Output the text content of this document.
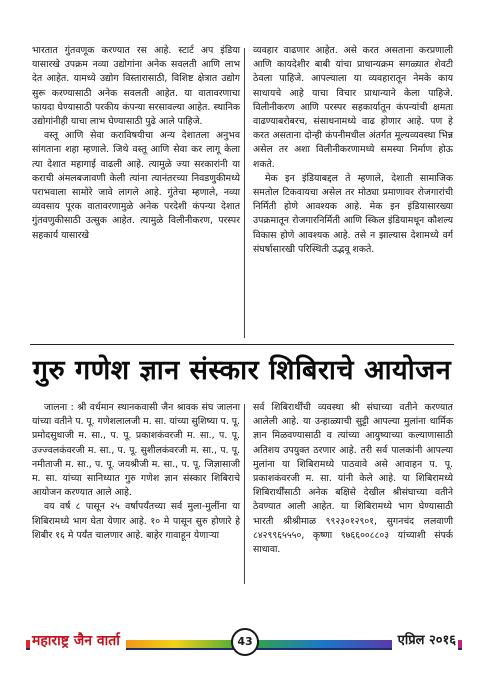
भारतात गुंतवणूक करण्यात रस आहे. स्टार्ट अप इंडिया यासारखे उपक्रम नव्या उद्योगांना अनेक सवलती आणि लाभ देत आहेत. यामध्ये उद्योग विस्तारासाठी, विशिष्ट क्षेत्रात उद्योग सुरू करण्यासाठी अनेक सवलती आहेत. या वातावरणाचा फायदा घेण्यासाठी परकीय कंपन्या सरसावल्या आहेत. स्थानिक उद्योगांनीही याचा लाभ घेण्यासाठी पुढे आले पाहिजे.

वस्तू आणि सेवा कराविषयीचा अन्य देशातला अनुभव सांगताना शहा म्हणाले. जिथे वस्तू आणि सेवा कर लागू केला त्या देशात महागाई वाढली आहे. त्यामुळे ज्या सरकारांनी या कराची अंमलबजावणी केली त्यांना त्यानंतरच्या निवडणुकीमध्ये पराभवाला सामोरे जावे लागले आहे. गुंतेचा म्हणाले, नव्या व्यवसाय पूरक वातावरणामुळे अनेक परदेशी कंपन्या देशात गुंतवणुकीसाठी उत्सुक आहेत. त्यामुळे विलीनीकरण, परस्पर सहकार्य यासारखे

व्यवहार वाढणार आहेत. असे करत असताना करप्रणाली आणि कायदेशीर बाबी यांचा प्राधान्यक्रम सगळ्यात शेवटी ठेवला पाहिजे. आपल्याला या व्यवहारातून नेमके काय साधायचे आहे याचा विचार प्राधान्याने केला पाहिजे. विलीनीकरण आणि परस्पर सहकार्यातून कंपन्यांची क्षमता वाढण्याबरोबरच, संसाधनामध्ये वाढ होणार आहे. पण हे करत असताना दोन्ही कंपनीमधील अंतर्गत मूल्यव्यवस्था भिन्न असेल तर अशा विलीनीकरणामध्ये समस्या निर्माण होऊ शकते.

मेक इन इंडियाबद्दल ते म्हणाले, देशाती सामाजिक समतोल टिकवायचा असेल तर मोठ्या प्रमाणावर रोजगारांची निर्मिती होणे आवश्यक आहे. मेक इन इंडियासारख्या उपक्रमातून रोजगारनिर्मिती आणि स्किल इंडियामधून कौशल्य विकास होणे आवश्यक आहे. तसे न झाल्यास देशामध्ये वर्ग संघर्षासारखी परिस्थिती उद्भवू शकते.

गुरु गणेश ज्ञान संस्कार शिबिराचे आयोजन

जालना : श्री वर्धमान स्थानकवासी जैन श्रावक संघ जालना यांच्या वतीने प. पू. गणेशलालजी म. सा. यांच्या सुशिष्या प. पू. प्रमोदसुधाजी म. सा., प. पू. प्रकाशकंवरजी म. सा., प. पू. उज्ज्वलकंवरजी म. सा., प. पू. सुशीलकंवरजी म. सा., प. पू. नमीताजी म. सा., प. पू. जयश्रीजी म. सा., प. पू. जिज्ञासाजी म. सा. यांच्या सानिध्यात गुरु गणेश ज्ञान संस्कार शिबिराचे आयोजन करण्यात आले आहे.

वय वर्ष ८ पासून २५ वर्षापर्यंतच्या सर्व मुला-मुलींना या शिबिरामध्ये भाग घेता येणार आहे. १० मे पासून सुरु होणारे हे शिबीर १६ मे पर्यंत चालणार आहे. बाहेर गावाहून येणाऱ्या

सर्व शिबिरार्थींची व्यवस्था श्री संघाच्या वतीने करण्यात आलेली आहे. या उन्हाळ्याची सुट्टी आपल्या मुलांना धार्मिक ज्ञान मिळवण्यासाठी व त्यांच्या आयुष्याच्या कल्याणासाठी अतिशय उपयुक्त ठरणार आहे. तरी सर्व पालकांनी आपल्या मुलांना या शिबिरामध्ये पाठवावे असे आवाहन प. पू. प्रकाशकंवरजी म. सा. यांनी केले आहे. या शिबिरामध्ये शिबिरार्थींसाठी अनेक बक्षिसे देखील श्रीसंघाच्या वतीने ठेवण्यात आली आहेत. या शिबिरामध्ये भाग घेण्यासाठी भारती श्रीश्रीमाळ ९९२३०१२९०१, सुगनचंद ललवाणी ८४२९९६५५५०, कृष्णा ९७६६००८८०३ यांच्याशी संपर्क साधावा.

महाराष्ट्र जैन वार्ता	43	एप्रिल २०१६
